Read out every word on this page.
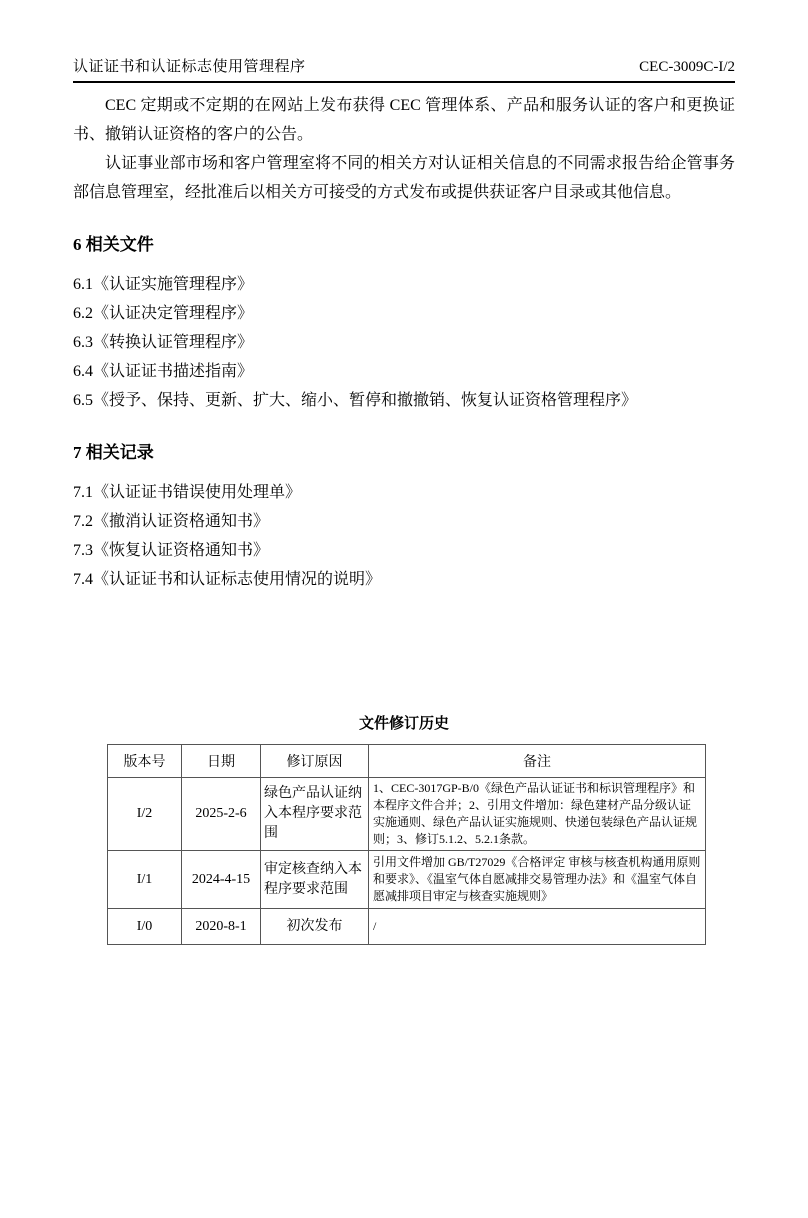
认证证书和认证标志使用管理程序	CEC-3009C-I/2

CEC 定期或不定期的在网站上发布获得 CEC 管理体系、产品和服务认证的客户和更换证书、撤销认证资格的客户的公告。

认证事业部市场和客户管理室将不同的相关方对认证相关信息的不同需求报告给企管事务部信息管理室，经批准后以相关方可接受的方式发布或提供获证客户目录或其他信息。

6 相关文件
6.1《认证实施管理程序》
6.2《认证决定管理程序》
6.3《转换认证管理程序》
6.4《认证证书描述指南》
6.5《授予、保持、更新、扩大、缩小、暂停和撤撤销、恢复认证资格管理程序》
7 相关记录
7.1《认证证书错误使用处理单》
7.2《撤消认证资格通知书》
7.3《恢复认证资格通知书》
7.4《认证证书和认证标志使用情况的说明》
文件修订历史
版本号	日期	修订原因	备注
I/2	2025-2-6	绿色产品认证纳入本程序要求范围	1、CEC-3017GP-B/0《绿色产品认证证书和标识管理程序》和本程序文件合并；2、引用文件增加：绿色建材产品分级认证实施通则、绿色产品认证实施规则、快递包装绿色产品认证规则；3、修订5.1.2、5.2.1条款。
I/1	2024-4-15	审定核查纳入本程序要求范围	引用文件增加 GB/T27029《合格评定 审核与核查机构通用原则和要求》、《温室气体自愿减排交易管理办法》和《温室气体自愿减排项目审定与核查实施规则》
I/0	2020-8-1	初次发布	/
